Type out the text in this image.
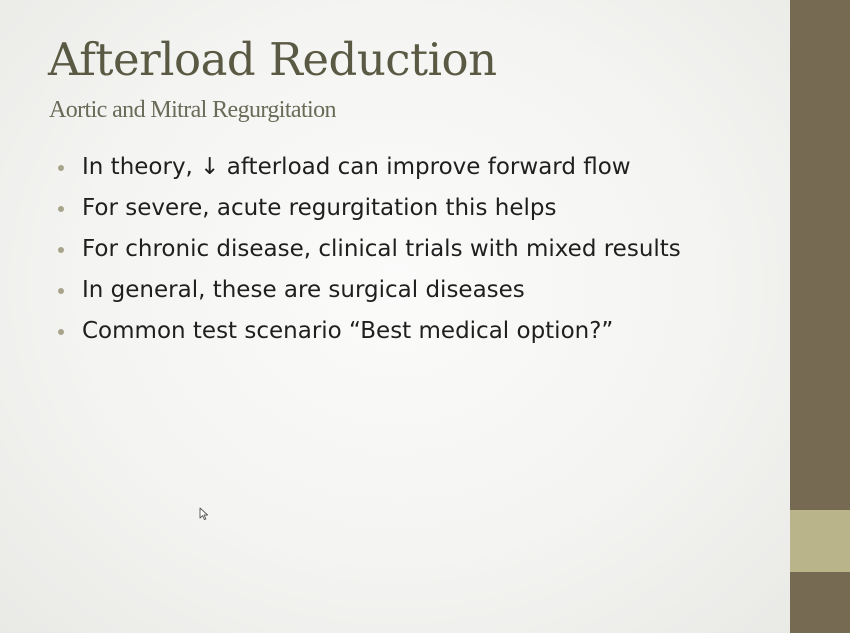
Afterload Reduction
Aortic and Mitral Regurgitation
In theory, ↓ afterload can improve forward flow
For severe, acute regurgitation this helps
For chronic disease, clinical trials with mixed results
In general, these are surgical diseases
Common test scenario “Best medical option?”
